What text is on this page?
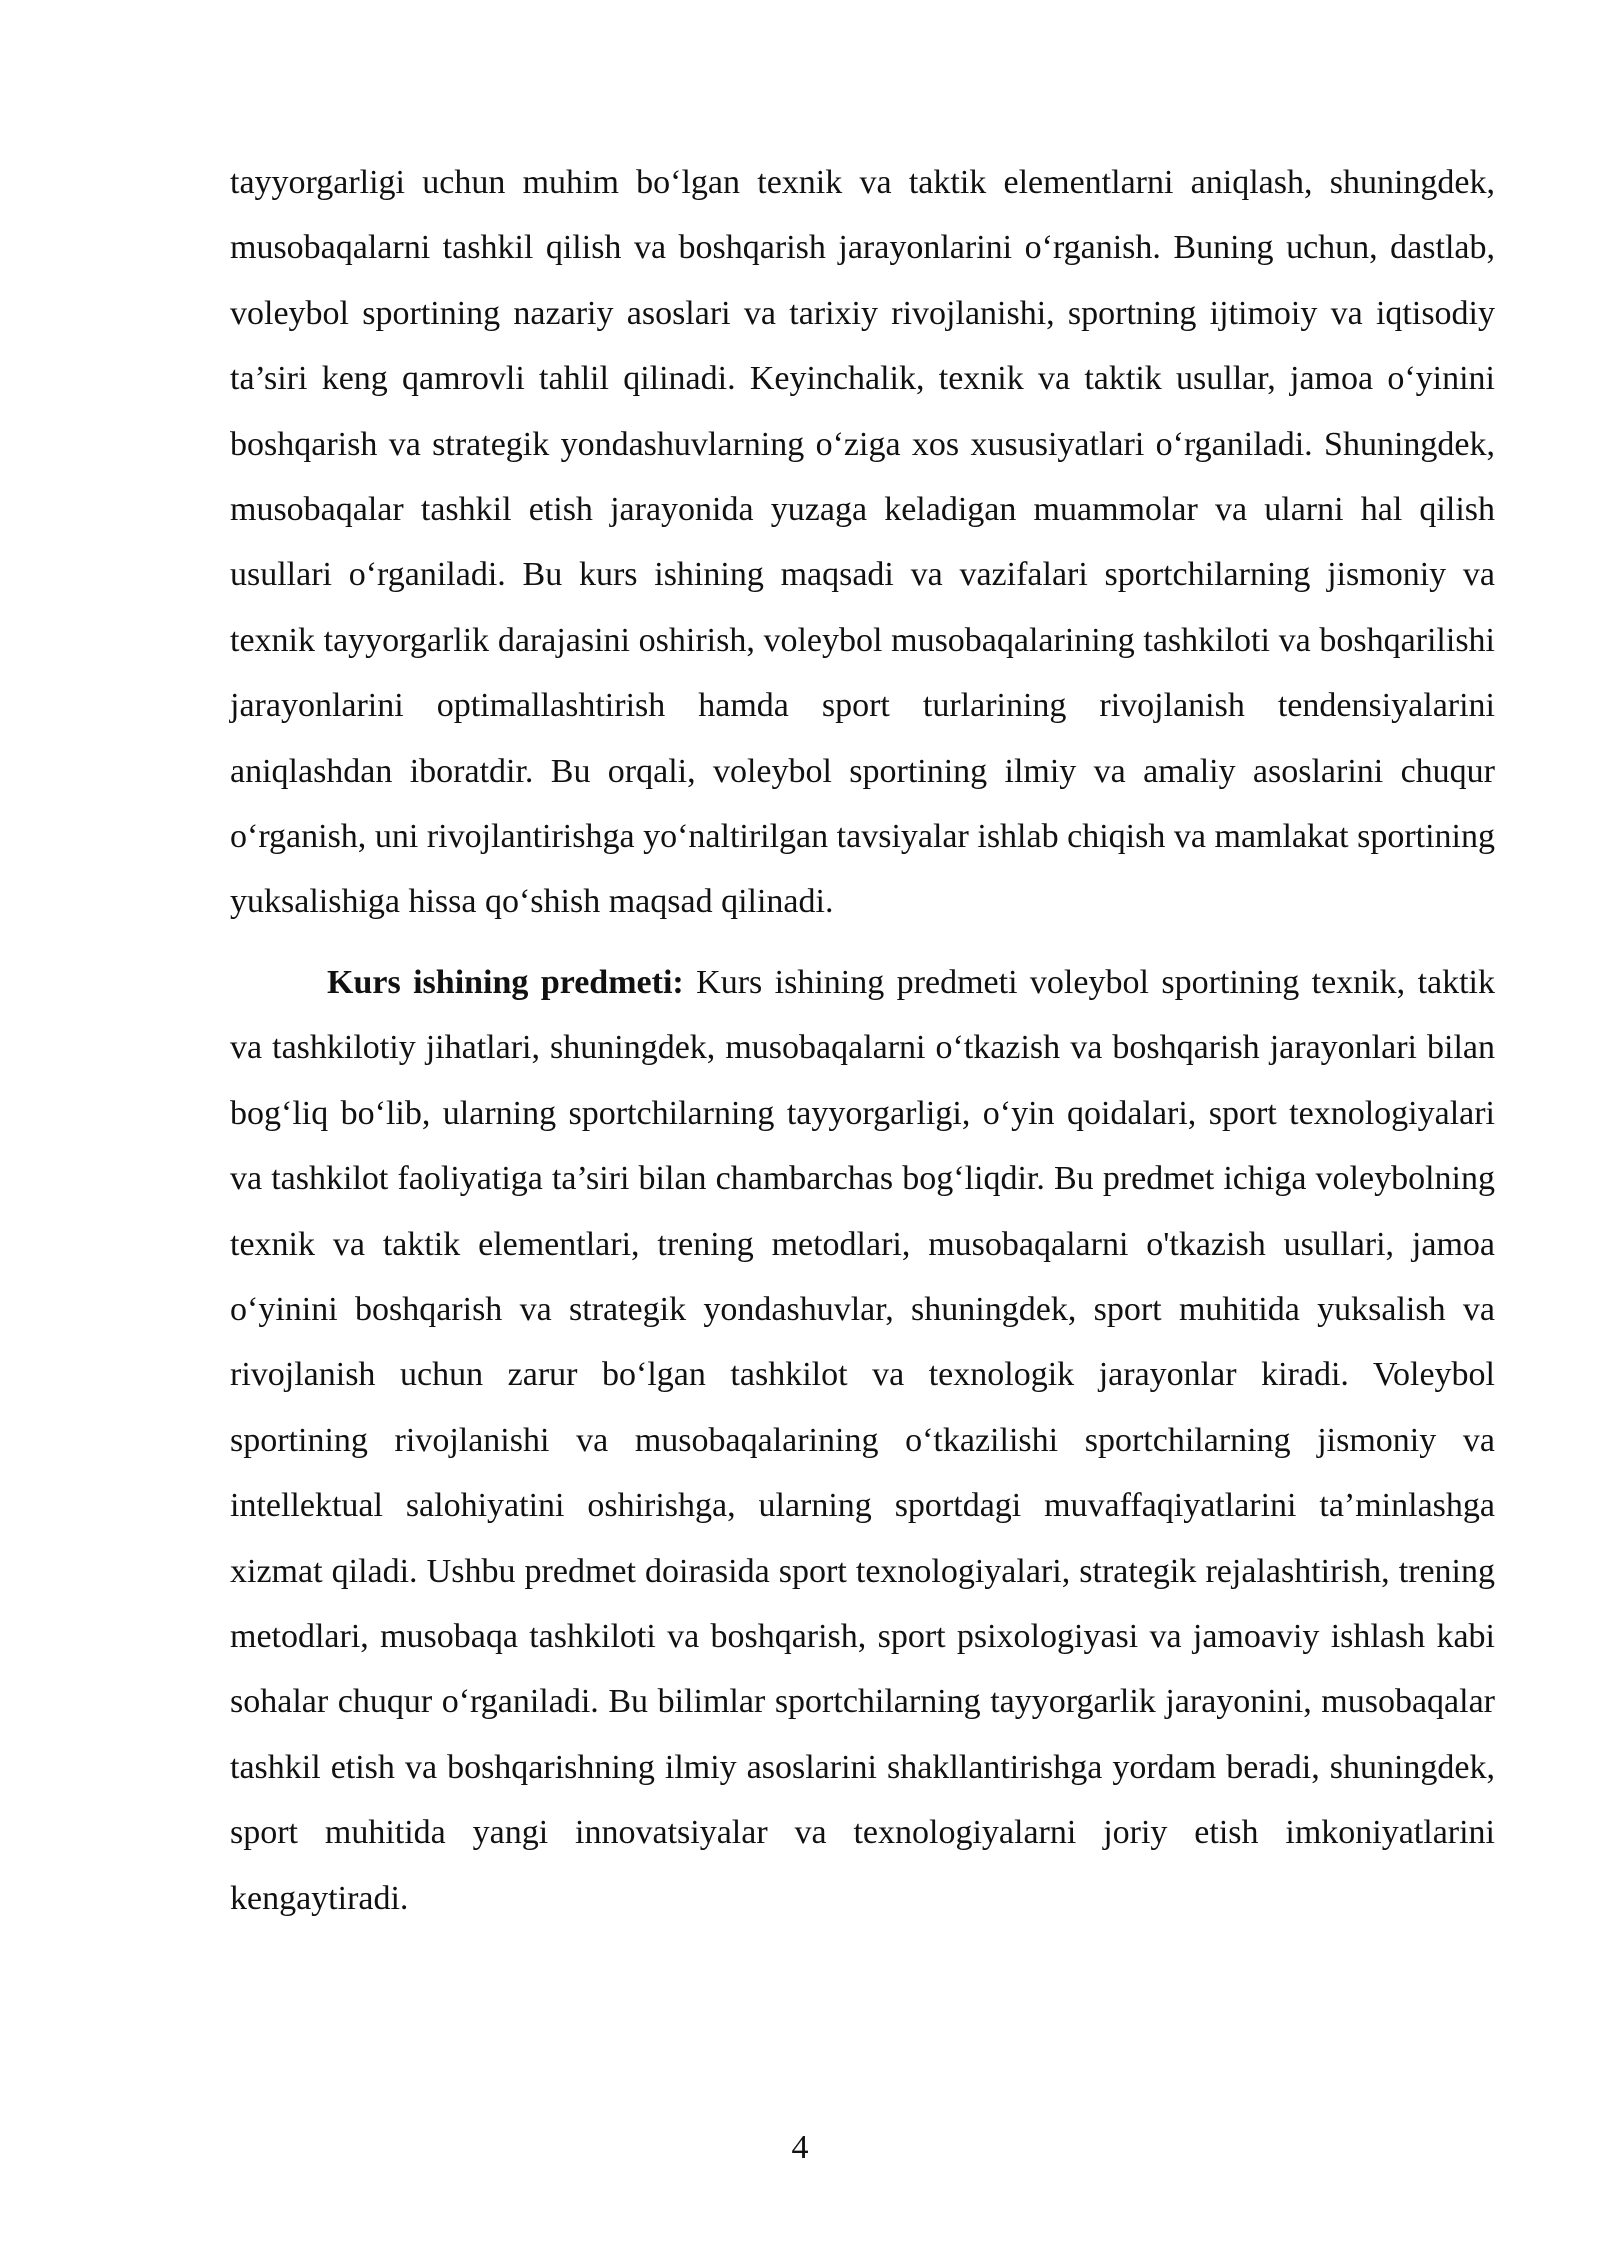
tayyorgarligi uchun muhim bo‘lgan texnik va taktik elementlarni aniqlash, shuningdek, musobaqalarni tashkil qilish va boshqarish jarayonlarini o‘rganish. Buning uchun, dastlab, voleybol sportining nazariy asoslari va tarixiy rivojlanishi, sportning ijtimoiy va iqtisodiy ta’siri keng qamrovli tahlil qilinadi. Keyinchalik, texnik va taktik usullar, jamoa o‘yinini boshqarish va strategik yondashuvlarning o‘ziga xos xususiyatlari o‘rganiladi. Shuningdek, musobaqalar tashkil etish jarayonida yuzaga keladigan muammolar va ularni hal qilish usullari o‘rganiladi. Bu kurs ishining maqsadi va vazifalari sportchilarning jismoniy va texnik tayyorgarlik darajasini oshirish, voleybol musobaqalarining tashkiloti va boshqarilishi jarayonlarini optimallashtirish hamda sport turlarining rivojlanish tendensiyalarini aniqlashdan iboratdir. Bu orqali, voleybol sportining ilmiy va amaliy asoslarini chuqur o‘rganish, uni rivojlantirishga yo‘naltirilgan tavsiyalar ishlab chiqish va mamlakat sportining yuksalishiga hissa qo‘shish maqsad qilinadi.

Kurs ishining predmeti: Kurs ishining predmeti voleybol sportining texnik, taktik va tashkilotiy jihatlari, shuningdek, musobaqalarni o‘tkazish va boshqarish jarayonlari bilan bog‘liq bo‘lib, ularning sportchilarning tayyorgarligi, o‘yin qoidalari, sport texnologiyalari va tashkilot faoliyatiga ta’siri bilan chambarchas bog‘liqdir. Bu predmet ichiga voleybolning texnik va taktik elementlari, trening metodlari, musobaqalarni o'tkazish usullari, jamoa o‘yinini boshqarish va strategik yondashuvlar, shuningdek, sport muhitida yuksalish va rivojlanish uchun zarur bo‘lgan tashkilot va texnologik jarayonlar kiradi. Voleybol sportining rivojlanishi va musobaqalarining o‘tkazilishi sportchilarning jismoniy va intellektual salohiyatini oshirishga, ularning sportdagi muvaffaqiyatlarini ta’minlashga xizmat qiladi. Ushbu predmet doirasida sport texnologiyalari, strategik rejalashtirish, trening metodlari, musobaqa tashkiloti va boshqarish, sport psixologiyasi va jamoaviy ishlash kabi sohalar chuqur o‘rganiladi. Bu bilimlar sportchilarning tayyorgarlik jarayonini, musobaqalar tashkil etish va boshqarishning ilmiy asoslarini shakllantirishga yordam beradi, shuningdek, sport muhitida yangi innovatsiyalar va texnologiyalarni joriy etish imkoniyatlarini kengaytiradi.

4
